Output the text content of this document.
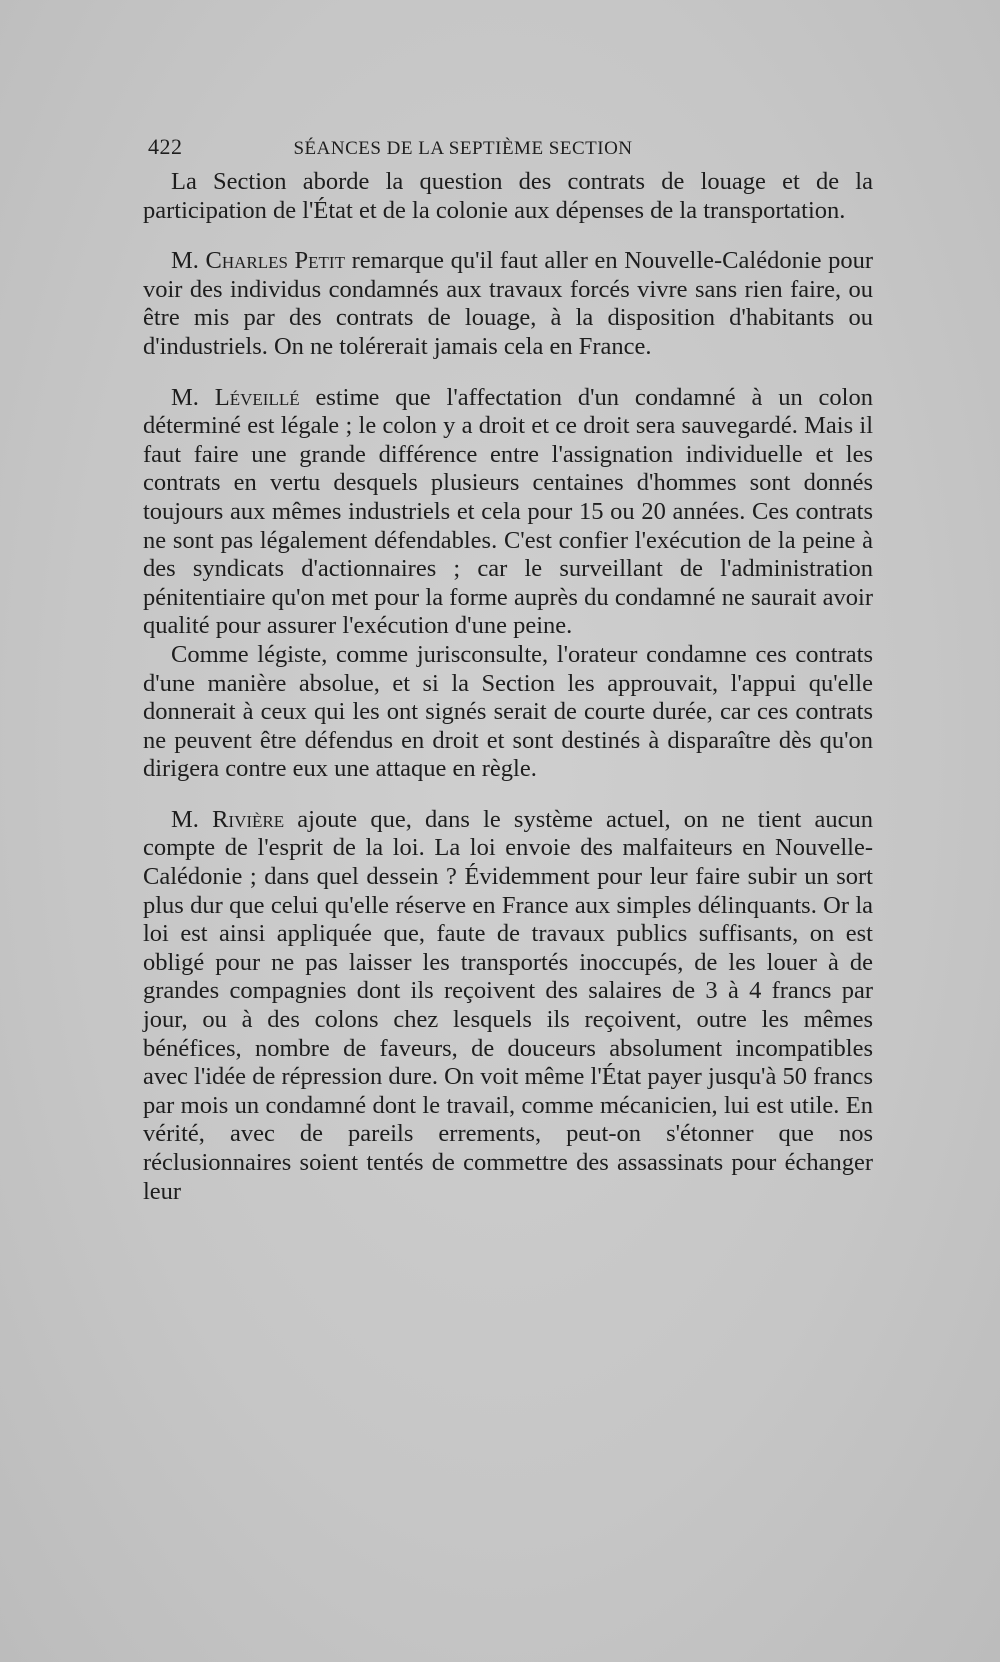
422	SÉANCES DE LA SEPTIÈME SECTION

La Section aborde la question des contrats de louage et de la participation de l'État et de la colonie aux dépenses de la transportation.

M. Charles Petit remarque qu'il faut aller en Nouvelle-Calédonie pour voir des individus condamnés aux travaux forcés vivre sans rien faire, ou être mis par des contrats de louage, à la disposition d'habitants ou d'industriels. On ne tolérerait jamais cela en France.

M. Léveillé estime que l'affectation d'un condamné à un colon déterminé est légale ; le colon y a droit et ce droit sera sauvegardé. Mais il faut faire une grande différence entre l'assignation individuelle et les contrats en vertu desquels plusieurs centaines d'hommes sont donnés toujours aux mêmes industriels et cela pour 15 ou 20 années. Ces contrats ne sont pas légalement défendables. C'est confier l'exécution de la peine à des syndicats d'actionnaires ; car le surveillant de l'administration pénitentiaire qu'on met pour la forme auprès du condamné ne saurait avoir qualité pour assurer l'exécution d'une peine.

Comme légiste, comme jurisconsulte, l'orateur condamne ces contrats d'une manière absolue, et si la Section les approuvait, l'appui qu'elle donnerait à ceux qui les ont signés serait de courte durée, car ces contrats ne peuvent être défendus en droit et sont destinés à disparaître dès qu'on dirigera contre eux une attaque en règle.

M. Rivière ajoute que, dans le système actuel, on ne tient aucun compte de l'esprit de la loi. La loi envoie des malfaiteurs en Nouvelle-Calédonie ; dans quel dessein ? Évidemment pour leur faire subir un sort plus dur que celui qu'elle réserve en France aux simples délinquants. Or la loi est ainsi appliquée que, faute de travaux publics suffisants, on est obligé pour ne pas laisser les transportés inoccupés, de les louer à de grandes compagnies dont ils reçoivent des salaires de 3 à 4 francs par jour, ou à des colons chez lesquels ils reçoivent, outre les mêmes bénéfices, nombre de faveurs, de douceurs absolument incompatibles avec l'idée de répression dure. On voit même l'État payer jusqu'à 50 francs par mois un condamné dont le travail, comme mécanicien, lui est utile. En vérité, avec de pareils errements, peut-on s'étonner que nos réclusionnaires soient tentés de commettre des assassinats pour échanger leur
